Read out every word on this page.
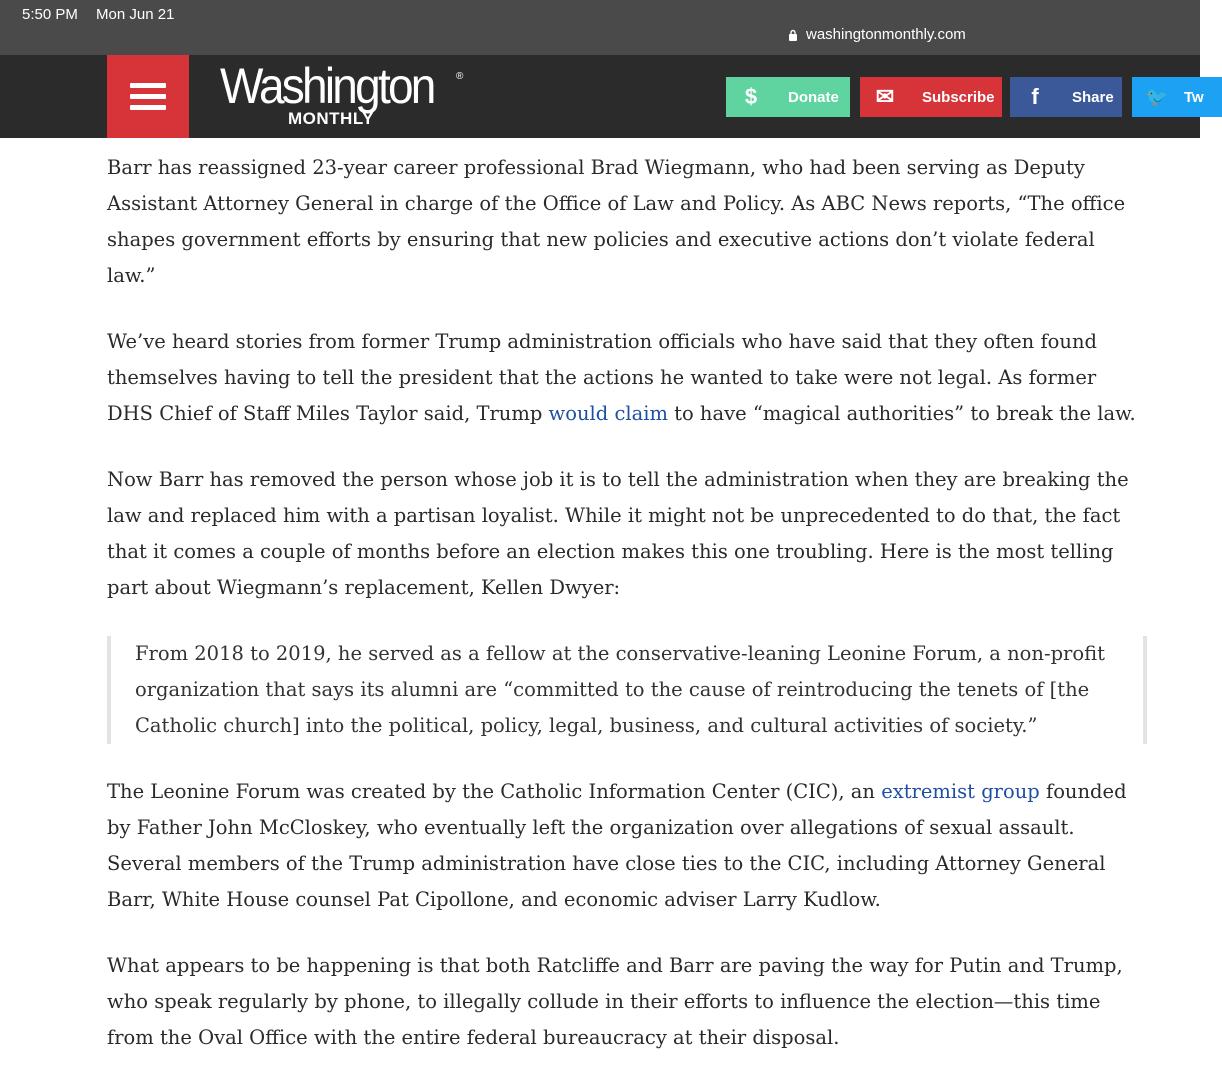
5:50 PM Mon Jun 21
washingtonmonthly.com
Washington ®
MONTHLY
$	Donate	✉	Subscribe	f	Share	🐦	Tw

Barr has reassigned 23-year career professional Brad Wiegmann, who had been serving as Deputy Assistant Attorney General in charge of the Office of Law and Policy. As ABC News reports, “The office shapes government efforts by ensuring that new policies and executive actions don’t violate federal law.”

We’ve heard stories from former Trump administration officials who have said that they often found themselves having to tell the president that the actions he wanted to take were not legal. As former DHS Chief of Staff Miles Taylor said, Trump would claim to have “magical authorities” to break the law.

Now Barr has removed the person whose job it is to tell the administration when they are breaking the law and replaced him with a partisan loyalist. While it might not be unprecedented to do that, the fact that it comes a couple of months before an election makes this one troubling. Here is the most telling part about Wiegmann’s replacement, Kellen Dwyer:

From 2018 to 2019, he served as a fellow at the conservative-leaning Leonine Forum, a non-profit organization that says its alumni are “committed to the cause of reintroducing the tenets of [the Catholic church] into the political, policy, legal, business, and cultural activities of society.”

The Leonine Forum was created by the Catholic Information Center (CIC), an extremist group founded by Father John McCloskey, who eventually left the organization over allegations of sexual assault. Several members of the Trump administration have close ties to the CIC, including Attorney General Barr, White House counsel Pat Cipollone, and economic adviser Larry Kudlow.

What appears to be happening is that both Ratcliffe and Barr are paving the way for Putin and Trump, who speak regularly by phone, to illegally collude in their efforts to influence the election—this time from the Oval Office with the entire federal bureaucracy at their disposal.
